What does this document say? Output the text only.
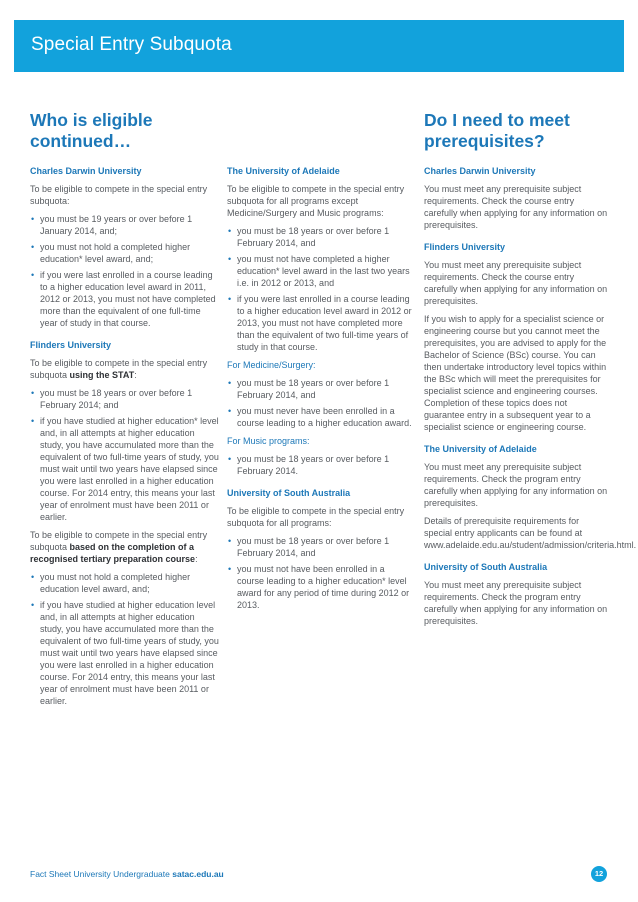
Special Entry Subquota
Who is eligible
continued…
Do I need to meet
prerequisites?

Charles Darwin University

To be eligible to compete in the special entry subquota:

• you must be 19 years or over before 1 January 2014, and;
• you must not hold a completed higher education* level award, and;
• if you were last enrolled in a course leading to a higher education level award in 2011, 2012 or 2013, you must not have completed more than the equivalent of one full-time year of study in that course.

Flinders University

To be eligible to compete in the special entry subquota using the STAT:

• you must be 18 years or over before 1 February 2014; and
• if you have studied at higher education* level and, in all attempts at higher education study, you have accumulated more than the equivalent of two full-time years of study, you must wait until two years have elapsed since you were last enrolled in a higher education course. For 2014 entry, this means your last year of enrolment must have been 2011 or earlier.

To be eligible to compete in the special entry subquota based on the completion of a recognised tertiary preparation course:

• you must not hold a completed higher education level award, and;
• if you have studied at higher education level and, in all attempts at higher education study, you have accumulated more than the equivalent of two full-time years of study, you must wait until two years have elapsed since you were last enrolled in a higher education course. For 2014 entry, this means your last year of enrolment must have been 2011 or earlier.

The University of Adelaide

To be eligible to compete in the special entry subquota for all programs except Medicine/Surgery and Music programs:

• you must be 18 years or over before 1 February 2014, and
• you must not have completed a higher education* level award in the last two years i.e. in 2012 or 2013, and
• if you were last enrolled in a course leading to a higher education level award in 2012 or 2013, you must not have completed more than the equivalent of two full-time years of study in that course.

For Medicine/Surgery:

• you must be 18 years or over before 1 February 2014, and
• you must never have been enrolled in a course leading to a higher education award.

For Music programs:

• you must be 18 years or over before 1 February 2014.

University of South Australia

To be eligible to compete in the special entry subquota for all programs:

• you must be 18 years or over before 1 February 2014, and
• you must not have been enrolled in a course leading to a higher education* level award for any period of time during 2012 or 2013.

Charles Darwin University

You must meet any prerequisite subject requirements. Check the course entry carefully when applying for any information on prerequisites.

Flinders University

You must meet any prerequisite subject requirements. Check the course entry carefully when applying for any information on prerequisites.

If you wish to apply for a specialist science or engineering course but you cannot meet the prerequisites, you are advised to apply for the Bachelor of Science (BSc) course. You can then undertake introductory level topics within the BSc which will meet the prerequisites for specialist science and engineering courses. Completion of these topics does not guarantee entry in a subsequent year to a specialist science or engineering course.

The University of Adelaide

You must meet any prerequisite subject requirements. Check the program entry carefully when applying for any information on prerequisites.

Details of prerequisite requirements for special entry applicants can be found at www.adelaide.edu.au/student/admission/criteria.html.

University of South Australia

You must meet any prerequisite subject requirements. Check the program entry carefully when applying for any information on prerequisites.

Fact Sheet University Undergraduate satac.edu.au	12
